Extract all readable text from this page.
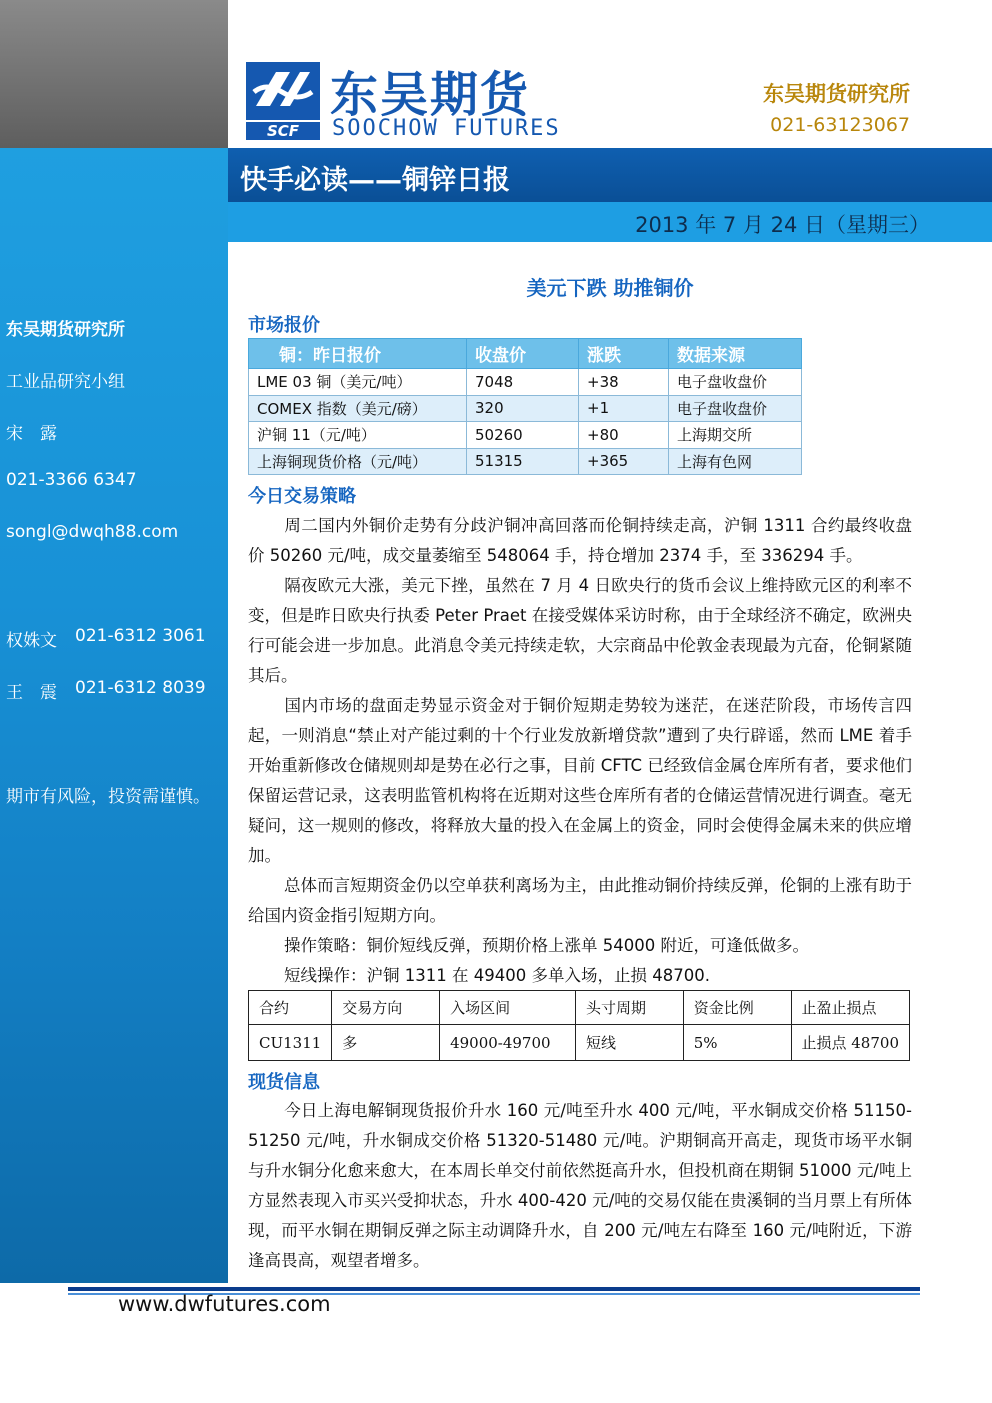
东吴期货研究所
工业品研究小组
宋　露
021-3366 6347
songl@dwqh88.com
权姝文 021-6312 3061
王　震 021-6312 8039
期市有风险，投资需谨慎。
SCF
东吴期货
SOOCHOW FUTURES
东吴期货研究所
021-63123067
快手必读——铜锌日报
2013 年 7 月 24 日（星期三）
美元下跌 助推铜价
市场报价
铜：昨日报价	收盘价	涨跌	数据来源
LME 03 铜（美元/吨）	7048	+38	电子盘收盘价
COMEX 指数（美元/磅）	320	+1	电子盘收盘价
沪铜 11（元/吨）	50260	+80	上海期交所
上海铜现货价格（元/吨）	51315	+365	上海有色网
今日交易策略
周二国内外铜价走势有分歧沪铜冲高回落而伦铜持续走高，沪铜 1311 合约最终收盘价 50260 元/吨，成交量萎缩至 548064 手，持仓增加 2374 手，至 336294 手。
隔夜欧元大涨，美元下挫，虽然在 7 月 4 日欧央行的货币会议上维持欧元区的利率不变，但是昨日欧央行执委 Peter Praet 在接受媒体采访时称，由于全球经济不确定，欧洲央行可能会进一步加息。此消息令美元持续走软，大宗商品中伦敦金表现最为亢奋，伦铜紧随其后。
国内市场的盘面走势显示资金对于铜价短期走势较为迷茫，在迷茫阶段，市场传言四起，一则消息“禁止对产能过剩的十个行业发放新增贷款”遭到了央行辟谣，然而 LME 着手开始重新修改仓储规则却是势在必行之事，目前 CFTC 已经致信金属仓库所有者，要求他们保留运营记录，这表明监管机构将在近期对这些仓库所有者的仓储运营情况进行调查。毫无疑问，这一规则的修改，将释放大量的投入在金属上的资金，同时会使得金属未来的供应增加。
总体而言短期资金仍以空单获利离场为主，由此推动铜价持续反弹，伦铜的上涨有助于给国内资金指引短期方向。
操作策略：铜价短线反弹，预期价格上涨单 54000 附近，可逢低做多。
短线操作：沪铜 1311 在 49400 多单入场，止损 48700.
合约	交易方向	入场区间	头寸周期	资金比例	止盈止损点
CU1311	多	49000-49700	短线	5%	止损点 48700
现货信息
今日上海电解铜现货报价升水 160 元/吨至升水 400 元/吨，平水铜成交价格 51150-51250 元/吨，升水铜成交价格 51320-51480 元/吨。沪期铜高开高走，现货市场平水铜与升水铜分化愈来愈大，在本周长单交付前依然挺高升水，但投机商在期铜 51000 元/吨上方显然表现入市买兴受抑状态，升水 400-420 元/吨的交易仅能在贵溪铜的当月票上有所体现，而平水铜在期铜反弹之际主动调降升水，自 200 元/吨左右降至 160 元/吨附近，下游逢高畏高，观望者增多。
www.dwfutures.com
